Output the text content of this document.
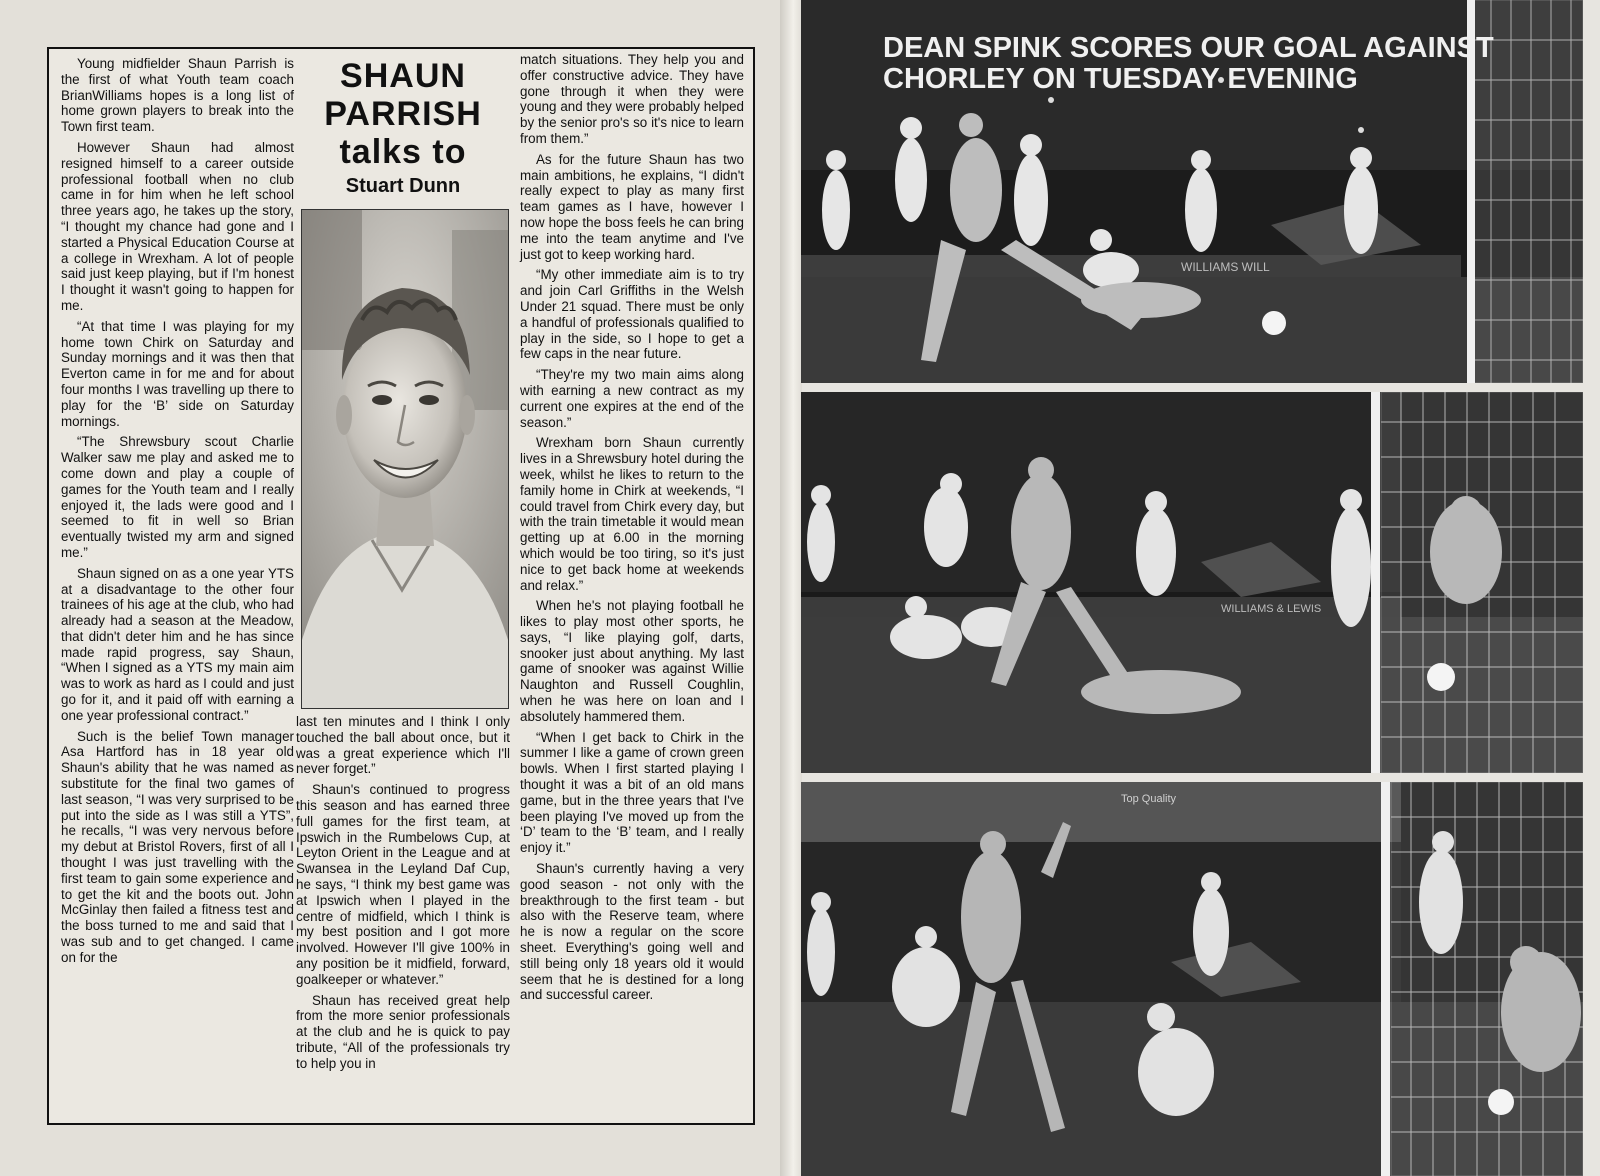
Young midfielder Shaun Parrish is the first of what Youth team coach BrianWilliams hopes is a long list of home grown players to break into the Town first team.

However Shaun had almost resigned himself to a career outside professional football when no club came in for him when he left school three years ago, he takes up the story, “I thought my chance had gone and I started a Physical Education Course at a college in Wrexham. A lot of people said just keep playing, but if I'm honest I thought it wasn't going to happen for me.

“At that time I was playing for my home town Chirk on Saturday and Sunday mornings and it was then that Everton came in for me and for about four months I was travelling up there to play for the ‘B’ side on Saturday mornings.

“The Shrewsbury scout Charlie Walker saw me play and asked me to come down and play a couple of games for the Youth team and I really enjoyed it, the lads were good and I seemed to fit in well so Brian eventually twisted my arm and signed me.”

Shaun signed on as a one year YTS at a disadvantage to the other four trainees of his age at the club, who had already had a season at the Meadow, that didn't deter him and he has since made rapid progress, say Shaun, “When I signed as a YTS my main aim was to work as hard as I could and just go for it, and it paid off with earning a one year professional contract.”

Such is the belief Town manager Asa Hartford has in 18 year old Shaun's ability that he was named as substitute for the final two games of last season, “I was very surprised to be put into the side as I was still a YTS”, he recalls, “I was very nervous before my debut at Bristol Rovers, first of all I thought I was just travelling with the first team to gain some experience and to get the kit and the boots out. John McGinlay then failed a fitness test and the boss turned to me and said that I was sub and to get changed. I came on for the

SHAUN
PARRISH
talks to
Stuart Dunn

last ten minutes and I think I only touched the ball about once, but it was a great experience which I'll never forget.”

Shaun's continued to progress this season and has earned three full games for the first team, at Ipswich in the Rumbelows Cup, at Leyton Orient in the League and at Swansea in the Leyland Daf Cup, he says, “I think my best game was at Ipswich when I played in the centre of midfield, which I think is my best position and I got more involved. However I'll give 100% in any position be it midfield, forward, goalkeeper or whatever.”

Shaun has received great help from the more senior professionals at the club and he is quick to pay tribute, “All of the professionals try to help you in

match situations. They help you and offer constructive advice. They have gone through it when they were young and they were probably helped by the senior pro's so it's nice to learn from them.”

As for the future Shaun has two main ambitions, he explains, “I didn't really expect to play as many first team games as I have, however I now hope the boss feels he can bring me into the team anytime and I've just got to keep working hard.

“My other immediate aim is to try and join Carl Griffiths in the Welsh Under 21 squad. There must be only a handful of professionals qualified to play in the side, so I hope to get a few caps in the near future.

“They're my two main aims along with earning a new contract as my current one expires at the end of the season.”

Wrexham born Shaun currently lives in a Shrewsbury hotel during the week, whilst he likes to return to the family home in Chirk at weekends, “I could travel from Chirk every day, but with the train timetable it would mean getting up at 6.00 in the morning which would be too tiring, so it's just nice to get back home at weekends and relax.”

When he's not playing football he likes to play most other sports, he says, “I like playing golf, darts, snooker just about anything. My last game of snooker was against Willie Naughton and Russell Coughlin, when he was here on loan and I absolutely hammered them.

“When I get back to Chirk in the summer I like a game of crown green bowls. When I first started playing I thought it was a bit of an old mans game, but in the three years that I've been playing I've moved up from the ‘D’ team to the ‘B’ team, and I really enjoy it.”

Shaun's currently having a very good season - not only with the breakthrough to the first team - but also with the Reserve team, where he is now a regular on the score sheet. Everything's going well and still being only 18 years old it would seem that he is destined for a long and successful career.

WILLIAMS WILL
DEAN SPINK SCORES OUR GOAL AGAINST
CHORLEY ON TUESDAY EVENING
WILLIAMS & LEWIS
Top Quality
